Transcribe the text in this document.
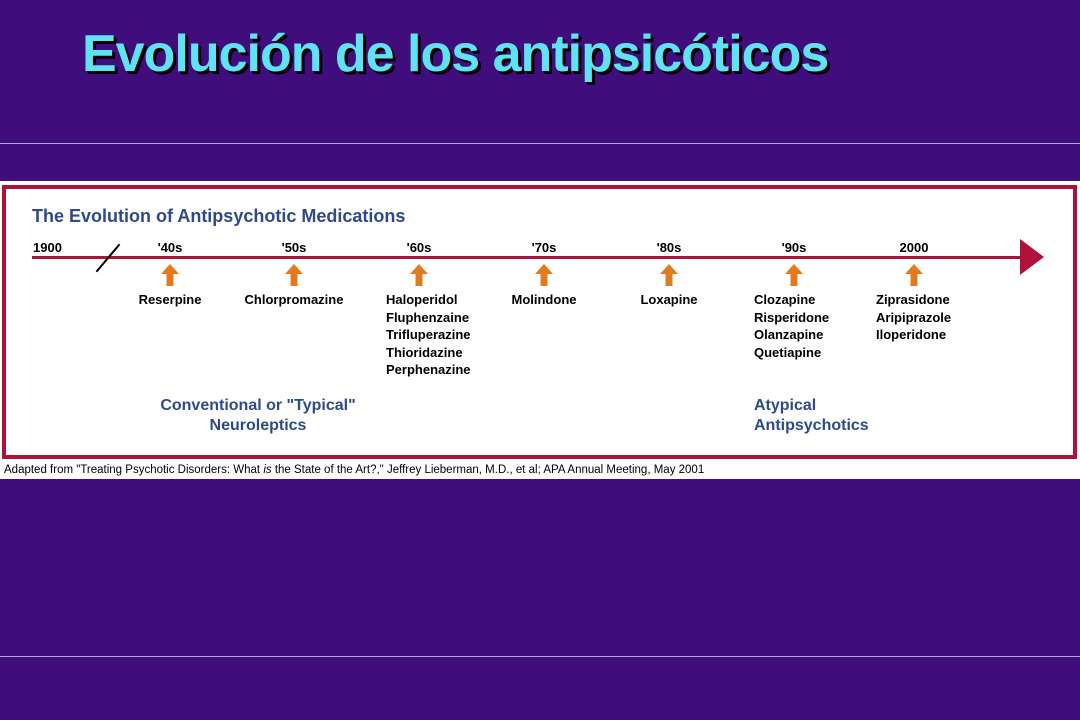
Evolución de los antipsicóticos
The Evolution of Antipsychotic Medications
1900	'40s
Reserpine
'50s
Chlorpromazine
'60s
Haloperidol
Fluphenzaine
Trifluperazine
Thioridazine
Perphenazine
'70s
Molindone
'80s
Loxapine
'90s
Clozapine
Risperidone
Olanzapine
Quetiapine
2000
Ziprasidone
Aripiprazole
Iloperidone
Conventional or "Typical"
Neuroleptics
Atypical
Antipsychotics
Adapted from "Treating Psychotic Disorders: What is the State of the Art?," Jeffrey Lieberman, M.D., et al; APA Annual Meeting, May 2001
